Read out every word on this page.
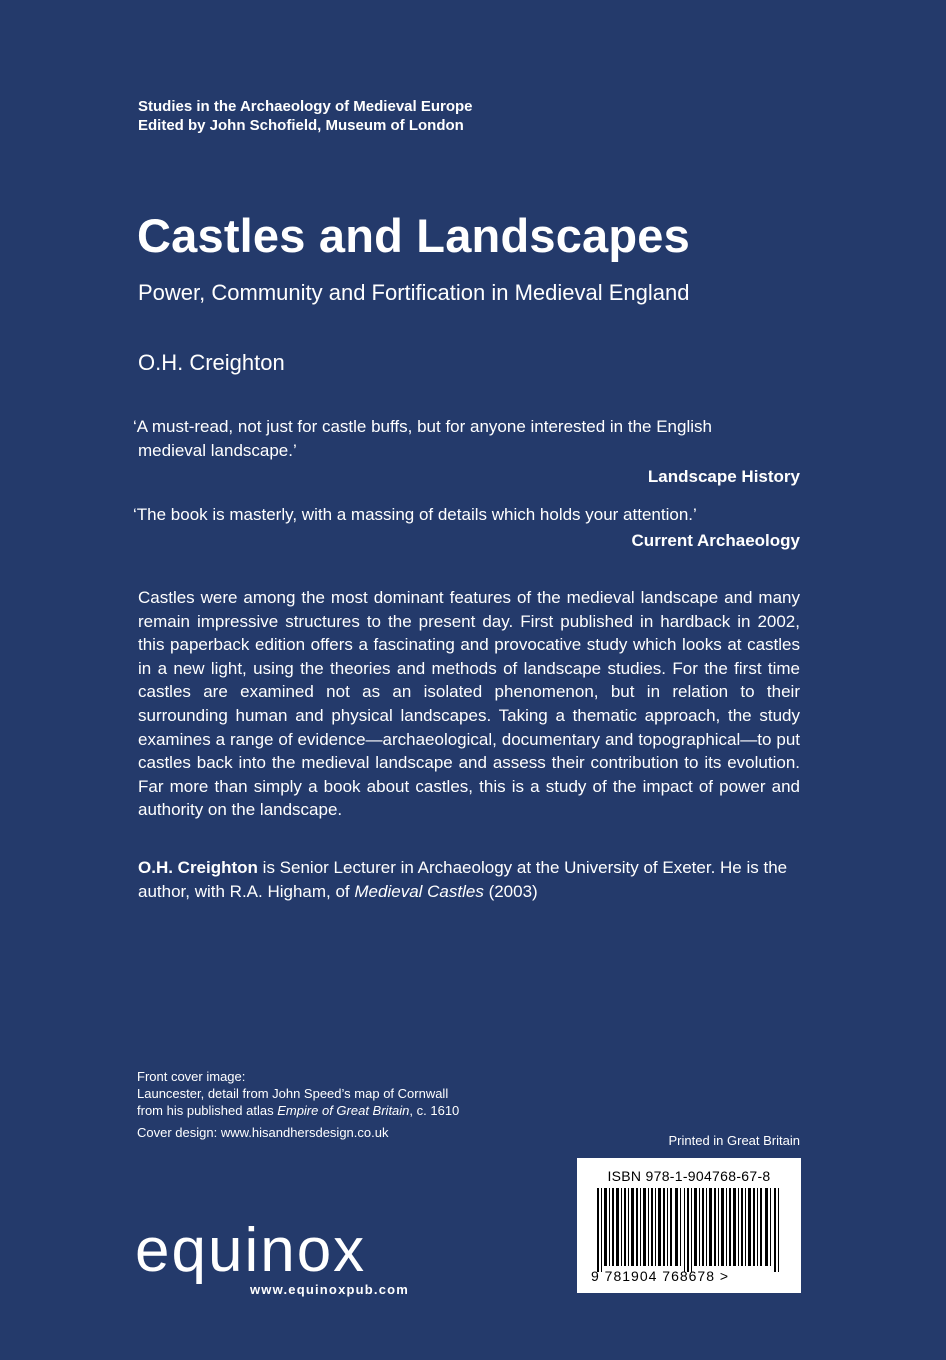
Studies in the Archaeology of Medieval Europe
Edited by John Schofield, Museum of London
Castles and Landscapes
Power, Community and Fortification in Medieval England
O.H. Creighton
‘A must-read, not just for castle buffs, but for anyone interested in the English
medieval landscape.’
Landscape History
‘The book is masterly, with a massing of details which holds your attention.’
Current Archaeology
Castles were among the most dominant features of the medieval landscape and many remain impressive structures to the present day. First published in hardback in 2002, this paperback edition offers a fascinating and provocative study which looks at castles in a new light, using the theories and methods of landscape studies. For the first time castles are examined not as an isolated phenomenon, but in relation to their surrounding human and physical landscapes. Taking a thematic approach, the study examines a range of evidence—archaeological, documentary and topographical—to put castles back into the medieval landscape and assess their contribution to its evolution. Far more than simply a book about castles, this is a study of the impact of power and authority on the landscape.
O.H. Creighton is Senior Lecturer in Archaeology at the University of Exeter. He is the author, with R.A. Higham, of Medieval Castles (2003)
Front cover image:
Launcester, detail from John Speed’s map of Cornwall
from his published atlas Empire of Great Britain, c. 1610
Cover design: www.hisandhersdesign.co.uk
Printed in Great Britain
ISBN 978-1-904768-67-8
9 781904 768678 >
equinox
www.equinoxpub.com
